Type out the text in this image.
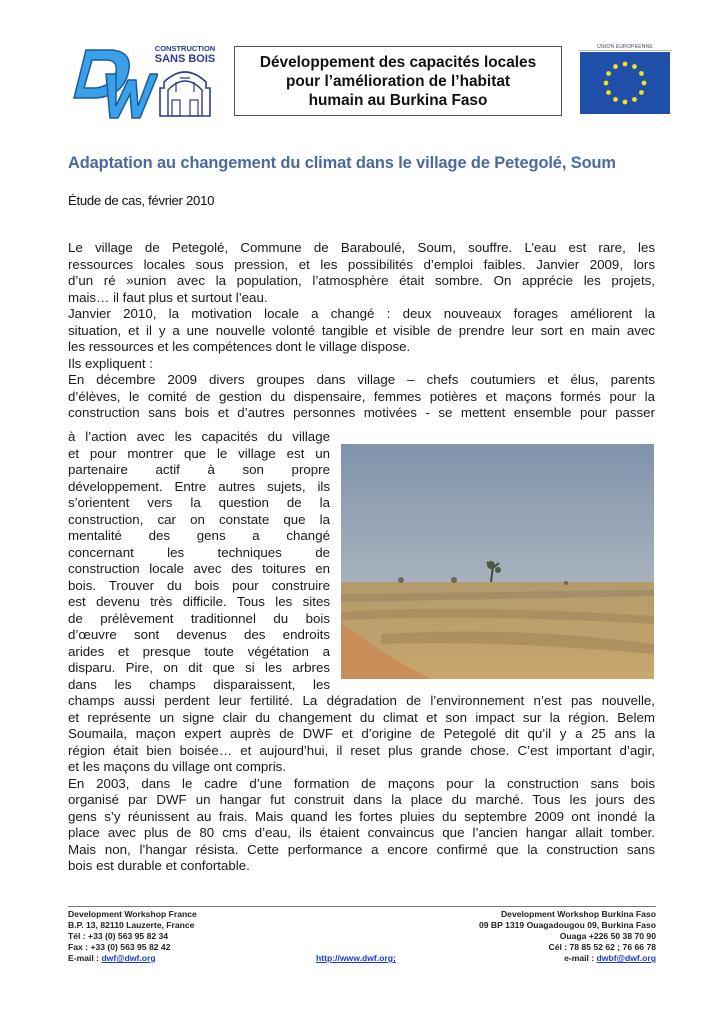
CONSTRUCTION
SANS BOIS	Développement des capacités locales
pour l’amélioration de l’habitat
humain au Burkina Faso
UNION EUROPEENNE
Adaptation au changement du climat dans le village de Petegolé, Soum
Étude de cas, février 2010
Le village de Petegolé, Commune de Baraboulé, Soum, souffre. L’eau est rare, les
ressources locales sous pression, et les possibilités d’emploi faibles. Janvier 2009, lors
d’un ré »union avec la population, l’atmosphère était sombre. On apprécie les projets,
mais… il faut plus et surtout l’eau.
Janvier 2010, la motivation locale a changé : deux nouveaux forages améliorent la
situation, et il y a une nouvelle volonté tangible et visible de prendre leur sort en main avec
les ressources et les compétences dont le village dispose.
Ils expliquent :
En décembre 2009 divers groupes dans village – chefs coutumiers et élus, parents
d’élèves, le comité de gestion du dispensaire, femmes potières et maçons formés pour la
construction sans bois et d’autres personnes motivées - se mettent ensemble pour passer
à l’action avec les capacités du village
et pour montrer que le village est un
partenaire actif à son propre
développement. Entre autres sujets, ils
s’orientent vers la question de la
construction, car on constate que la
mentalité des gens a changé
concernant les techniques de
construction locale avec des toitures en
bois. Trouver du bois pour construire
est devenu très difficile. Tous les sites
de prélèvement traditionnel du bois
d’œuvre sont devenus des endroits
arides et presque toute végétation a
disparu. Pire, on dit que si les arbres
dans les champs disparaissent, les
champs aussi perdent leur fertilité. La dégradation de l’environnement n’est pas nouvelle,
et représente un signe clair du changement du climat et son impact sur la région. Belem
Soumaila, maçon expert auprès de DWF et d’origine de Petegolé dit qu’il y a 25 ans la
région était bien boisée… et aujourd’hui, il reset plus grande chose. C’est important d’agir,
et les maçons du village ont compris.
En 2003, dans le cadre d’une formation de maçons pour la construction sans bois
organisé par DWF un hangar fut construit dans la place du marché. Tous les jours des
gens s’y réunissent au frais. Mais quand les fortes pluies du septembre 2009 ont inondé la
place avec plus de 80 cms d’eau, ils étaient convaincus que l’ancien hangar allait tomber.
Mais non, l’hangar résista. Cette performance a encore confirmé que la construction sans
bois est durable et confortable.
Development Workshop France
B.P. 13, 82110 Lauzerte, France
Tél : +33 (0) 563 95 82 34
Fax : +33 (0) 563 95 82 42
E-mail : dwf@dwf.org	http://www.dwf.org;
Development Workshop Burkina Faso
09 BP 1319 Ouagadougou 09, Burkina Faso
Ouaga +226 50 38 70 90
Cél : 78 85 52 62 ; 76 66 78
e-mail : dwbf@dwf.org
